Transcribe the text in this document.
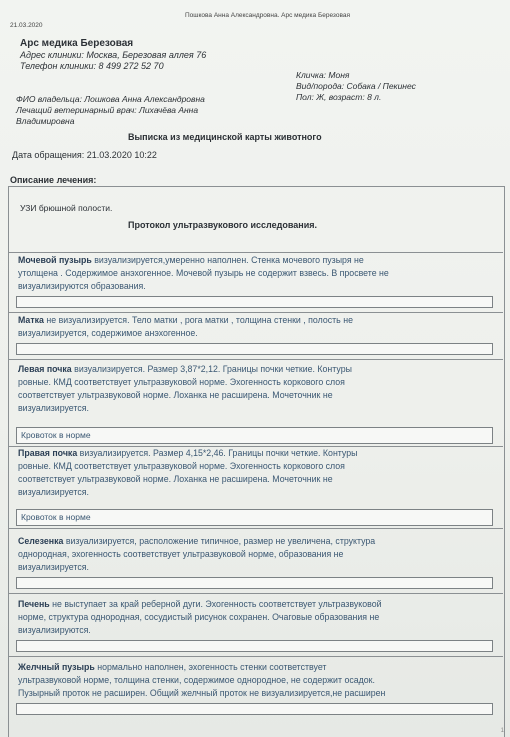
Пошкова Анна Александровна. Арс медика Березовая
21.03.2020
Арс медика Березовая
Адрес клиники: Москва, Березовая аллея 76
Телефон клиники: 8 499 272 52 70
Кличка: Моня
Вид/порода: Собака / Пекинес
Пол: Ж, возраст: 8 л.
ФИО владельца: Лошкова Анна Александровна
Лечащий ветеринарный врач: Лихачёва Анна
Владимировна
Выписка из медицинской карты животного
Дата обращения: 21.03.2020 10:22
Описание лечения:
УЗИ брюшной полости.
Протокол ультразвукового исследования.
Мочевой пузырь визуализируется,умеренно наполнен. Стенка мочевого пузыря не
утолщена . Содержимое анэхогенное. Мочевой пузырь не содержит взвесь. В просвете не
визуализируются образования.
Матка не визуализируется. Тело матки , рога матки , толщина стенки , полость не
визуализируется, содержимое анэхогенное.
Левая почка визуализируется. Размер 3,87*2,12. Границы почки четкие. Контуры
ровные. КМД соответствует ультразвуковой норме. Эхогенность коркового слоя
соответствует ультразвуковой норме. Лоханка не расширена. Мочеточник не
визуализируется.
Кровоток в норме
Правая почка визуализируется. Размер 4,15*2,46. Границы почки четкие. Контуры
ровные. КМД соответствует ультразвуковой норме. Эхогенность коркового слоя
соответствует ультразвуковой норме. Лоханка не расширена. Мочеточник не
визуализируется.
Кровоток в норме
Селезенка визуализируется, расположение типичное, размер не увеличена, структура
однородная, эхогенность соответствует ультразвуковой норме, образования не
визуализируется.
Печень не выступает за край реберной дуги. Эхогенность соответствует ультразвуковой
норме, структура однородная, сосудистый рисунок сохранен. Очаговые образования не
визуализируются.
Желчный пузырь нормально наполнен, эхогенность стенки соответствует
ультразвуковой норме, толщина стенки, содержимое однородное, не содержит осадок.
Пузырный проток не расширен. Общий желчный проток не визуализируется,не расширен
1
